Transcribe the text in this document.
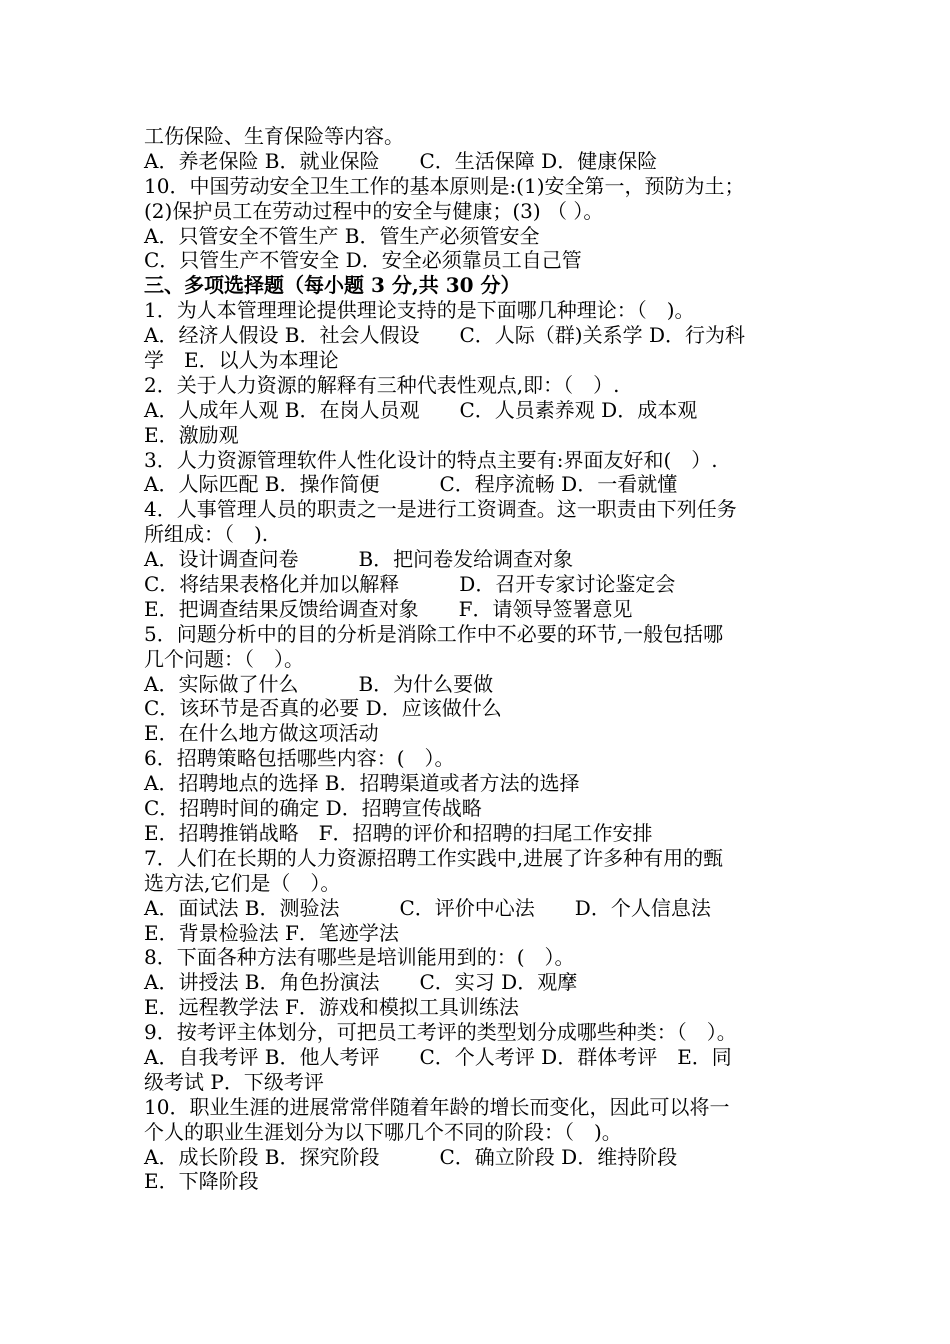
工伤保险、生育保险等内容。
A．养老保险 B．就业保险　　C．生活保障 D．健康保险
10．中国劳动安全卫生工作的基本原则是:(1)安全第一，预防为土；
(2)保护员工在劳动过程中的安全与健康；(3) （ ）。
A．只管安全不管生产 B．管生产必须管安全
C．只管生产不管安全 D．安全必须靠员工自己管
三、多项选择题（每小题 3 分,共 30 分）
1．为人本管理理论提供理论支持的是下面哪几种理论：（　)。
A．经济人假设 B．社会人假设　　C．人际（群)关系学 D．行为科
学　E．以人为本理论
2．关于人力资源的解释有三种代表性观点,即：（　）.
A．人成年人观 B．在岗人员观　　C．人员素养观 D．成本观
E．激励观
3．人力资源管理软件人性化设计的特点主要有:界面友好和(　）.
A．人际匹配 B．操作简便　　　C．程序流畅 D．一看就懂
4．人事管理人员的职责之一是进行工资调查。这一职责由下列任务
所组成：（　).
A．设计调查问卷　　　B．把问卷发给调查对象
C．将结果表格化并加以解释　　　D．召开专家讨论鉴定会
E．把调查结果反馈给调查对象　　F．请领导签署意见
5．问题分析中的目的分析是消除工作中不必要的环节,一般包括哪
几个问题：（　）。
A．实际做了什么　　　B．为什么要做
C．该环节是否真的必要 D．应该做什么
E．在什么地方做这项活动
6．招聘策略包括哪些内容：(　）。
A．招聘地点的选择 B．招聘渠道或者方法的选择
C．招聘时间的确定 D．招聘宣传战略
E．招聘推销战略　F．招聘的评价和招聘的扫尾工作安排
7．人们在长期的人力资源招聘工作实践中,进展了许多种有用的甄
选方法,它们是（　）。
A．面试法 B．测验法　　　C．评价中心法　　D．个人信息法
E．背景检验法 F．笔迹学法
8．下面各种方法有哪些是培训能用到的：(　）。
A．讲授法 B．角色扮演法　　C．实习 D．观摩
E．远程教学法 F．游戏和模拟工具训练法
9．按考评主体划分，可把员工考评的类型划分成哪些种类：（　）。
A．自我考评 B．他人考评　　C．个人考评 D．群体考评　E．同
级考试 P．下级考评
10．职业生涯的进展常常伴随着年龄的增长而变化，因此可以将一
个人的职业生涯划分为以下哪几个不同的阶段：（　)。
A．成长阶段 B．探究阶段　　　C．确立阶段 D．维持阶段
E．下降阶段
